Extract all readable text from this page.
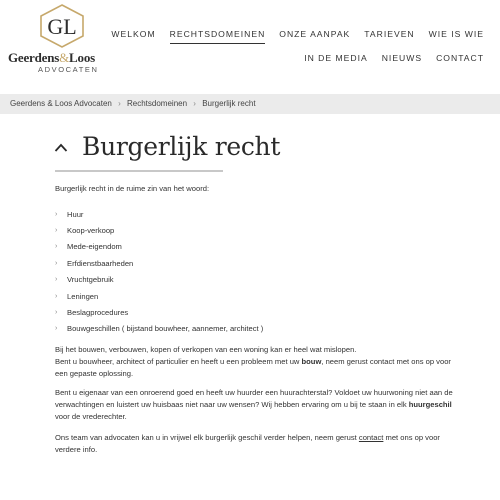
GL
Geerdens&Loos
ADVOCATEN
WELKOM RECHTSDOMEINEN ONZE AANPAK TARIEVEN WIE IS WIE
IN DE MEDIA NIEUWS CONTACT
Geerdens & Loos Advocaten › Rechtsdomeinen › Burgerlijk recht
Burgerlijk recht

Burgerlijk recht in de ruime zin van het woord:

›	Huur
›	Koop-verkoop
›	Mede-eigendom
›	Erfdienstbaarheden
›	Vruchtgebruik
›	Leningen
›	Beslagprocedures
›	Bouwgeschillen ( bijstand bouwheer, aannemer, architect )

Bij het bouwen, verbouwen, kopen of verkopen van een woning kan er heel wat mislopen.
Bent u bouwheer, architect of particulier en heeft u een probleem met uw bouw, neem gerust contact met ons op voor
een gepaste oplossing.

Bent u eigenaar van een onroerend goed en heeft uw huurder een huurachterstal? Voldoet uw huurwoning niet aan de
verwachtingen en luistert uw huisbaas niet naar uw wensen? Wij hebben ervaring om u bij te staan in elk huurgeschil
voor de vrederechter.

Ons team van advocaten kan u in vrijwel elk burgerlijk geschil verder helpen, neem gerust contact met ons op voor
verdere info.
